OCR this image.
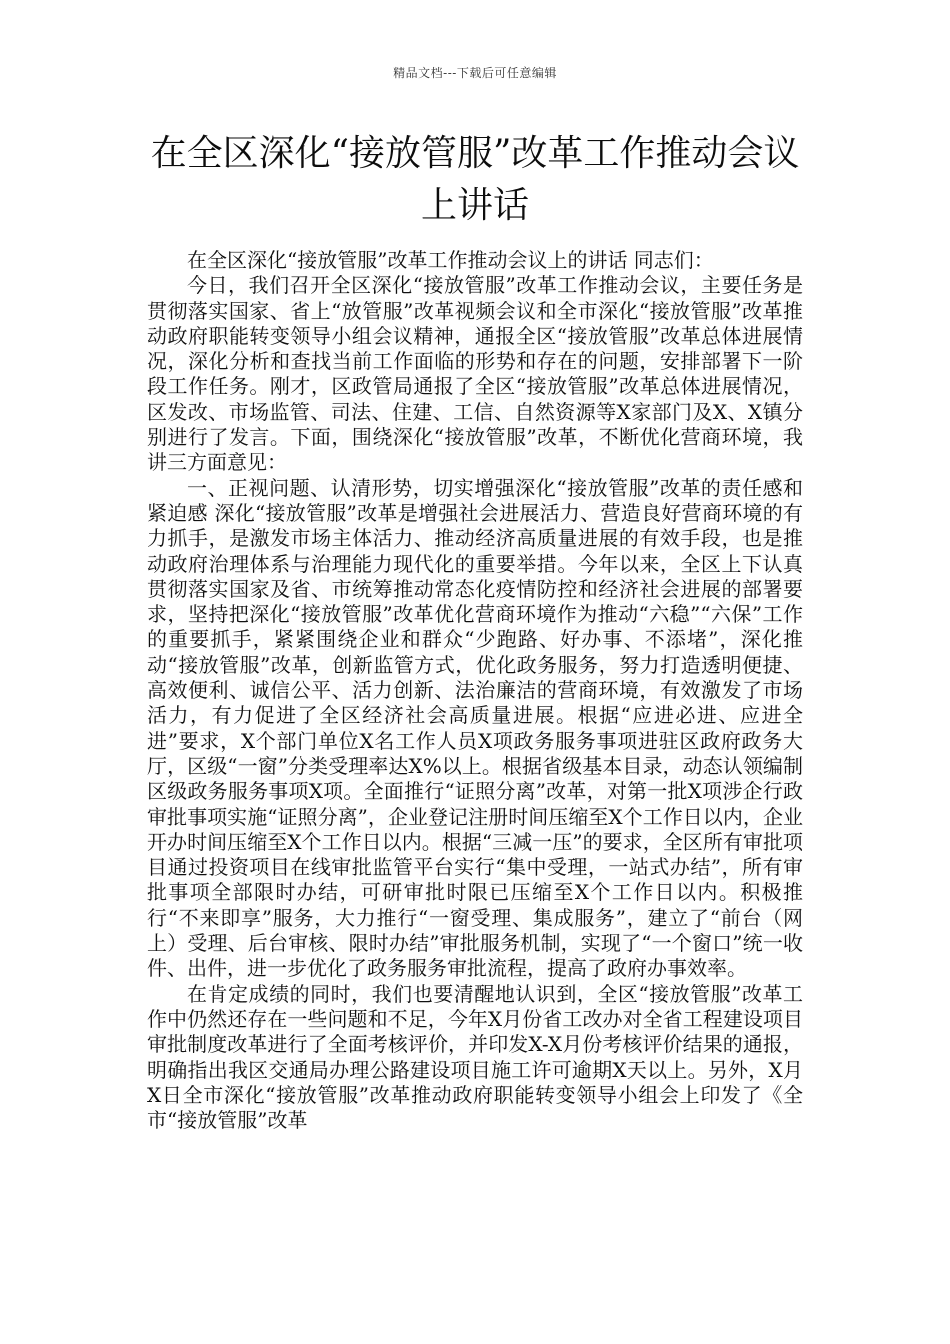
精品文档---下载后可任意编辑
在全区深化“接放管服”改革工作推动会议上讲话

在全区深化“接放管服”改革工作推动会议上的讲话 同志们：

今日，我们召开全区深化“接放管服”改革工作推动会议，主要任务是贯彻落实国家、省上“放管服”改革视频会议和全市深化“接放管服”改革推动政府职能转变领导小组会议精神，通报全区“接放管服”改革总体进展情况，深化分析和查找当前工作面临的形势和存在的问题，安排部署下一阶段工作任务。刚才，区政管局通报了全区“接放管服”改革总体进展情况，区发改、市场监管、司法、住建、工信、自然资源等X家部门及X、X镇分别进行了发言。下面，围绕深化“接放管服”改革，不断优化营商环境，我讲三方面意见：

一、正视问题、认清形势，切实增强深化“接放管服”改革的责任感和紧迫感 深化“接放管服”改革是增强社会进展活力、营造良好营商环境的有力抓手，是激发市场主体活力、推动经济高质量进展的有效手段，也是推动政府治理体系与治理能力现代化的重要举措。今年以来，全区上下认真贯彻落实国家及省、市统筹推动常态化疫情防控和经济社会进展的部署要求，坚持把深化“接放管服”改革优化营商环境作为推动“六稳”“六保”工作的重要抓手，紧紧围绕企业和群众“少跑路、好办事、不添堵”，深化推动“接放管服”改革，创新监管方式，优化政务服务，努力打造透明便捷、高效便利、诚信公平、活力创新、法治廉洁的营商环境，有效激发了市场活力，有力促进了全区经济社会高质量进展。根据“应进必进、应进全进”要求，X个部门单位X名工作人员X项政务服务事项进驻区政府政务大厅，区级“一窗”分类受理率达X%以上。根据省级基本目录，动态认领编制区级政务服务事项X项。全面推行“证照分离”改革，对第一批X项涉企行政审批事项实施“证照分离”，企业登记注册时间压缩至X个工作日以内，企业开办时间压缩至X个工作日以内。根据“三减一压”的要求，全区所有审批项目通过投资项目在线审批监管平台实行“集中受理，一站式办结”，所有审批事项全部限时办结，可研审批时限已压缩至X个工作日以内。积极推行“不来即享”服务，大力推行“一窗受理、集成服务”，建立了“前台（网上）受理、后台审核、限时办结”审批服务机制，实现了“一个窗口”统一收件、出件，进一步优化了政务服务审批流程，提高了政府办事效率。

在肯定成绩的同时，我们也要清醒地认识到，全区“接放管服”改革工作中仍然还存在一些问题和不足，今年X月份省工改办对全省工程建设项目审批制度改革进行了全面考核评价，并印发X-X月份考核评价结果的通报，明确指出我区交通局办理公路建设项目施工许可逾期X天以上。另外，X月X日全市深化“接放管服”改革推动政府职能转变领导小组会上印发了《全市“接放管服”改革
